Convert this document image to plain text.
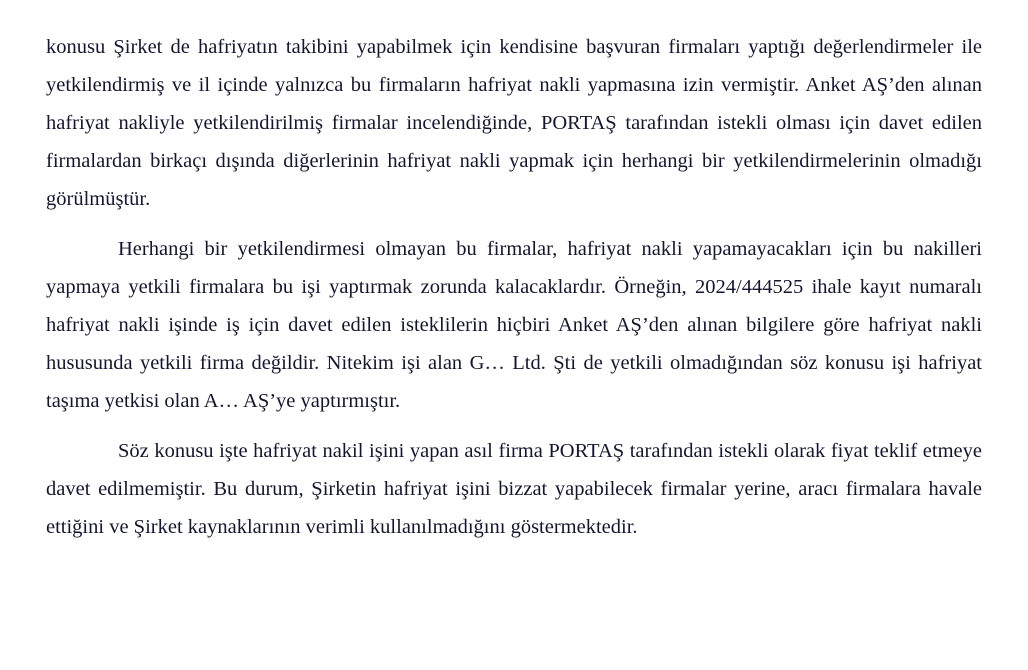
konusu Şirket de hafriyatın takibini yapabilmek için kendisine başvuran firmaları yaptığı değerlendirmeler ile yetkilendirmiş ve il içinde yalnızca bu firmaların hafriyat nakli yapmasına izin vermiştir. Anket AŞ’den alınan hafriyat nakliyle yetkilendirilmiş firmalar incelendiğinde, PORTAŞ tarafından istekli olması için davet edilen firmalardan birkaçı dışında diğerlerinin hafriyat nakli yapmak için herhangi bir yetkilendirmelerinin olmadığı görülmüştür.

Herhangi bir yetkilendirmesi olmayan bu firmalar, hafriyat nakli yapamayacakları için bu nakilleri yapmaya yetkili firmalara bu işi yaptırmak zorunda kalacaklardır. Örneğin, 2024/444525 ihale kayıt numaralı hafriyat nakli işinde iş için davet edilen isteklilerin hiçbiri Anket AŞ’den alınan bilgilere göre hafriyat nakli hususunda yetkili firma değildir. Nitekim işi alan G… Ltd. Şti de yetkili olmadığından söz konusu işi hafriyat taşıma yetkisi olan A… AŞ’ye yaptırmıştır.

Söz konusu işte hafriyat nakil işini yapan asıl firma PORTAŞ tarafından istekli olarak fiyat teklif etmeye davet edilmemiştir. Bu durum, Şirketin hafriyat işini bizzat yapabilecek firmalar yerine, aracı firmalara havale ettiğini ve Şirket kaynaklarının verimli kullanılmadığını göstermektedir.
